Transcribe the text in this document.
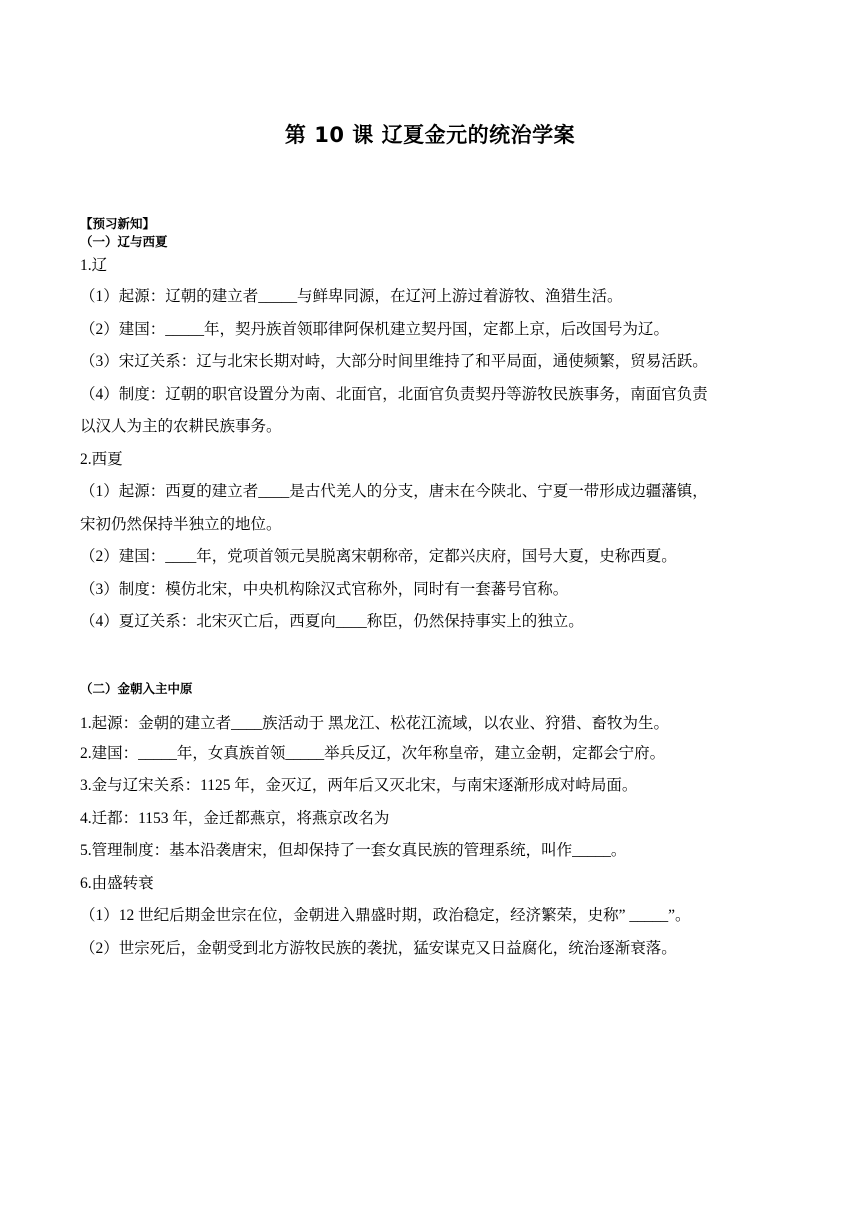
第 10 课 辽夏金元的统治学案
【预习新知】
（一）辽与西夏
1.辽
（1）起源：辽朝的建立者_____与鲜卑同源，在辽河上游过着游牧、渔猎生活。
（2）建国：_____年，契丹族首领耶律阿保机建立契丹国，定都上京，后改国号为辽。
（3）宋辽关系：辽与北宋长期对峙，大部分时间里维持了和平局面，通使频繁，贸易活跃。
（4）制度：辽朝的职官设置分为南、北面官，北面官负责契丹等游牧民族事务，南面官负责
以汉人为主的农耕民族事务。
2.西夏
（1）起源：西夏的建立者____是古代羌人的分支，唐末在今陕北、宁夏一带形成边疆藩镇，
宋初仍然保持半独立的地位。
（2）建国：____年，党项首领元昊脱离宋朝称帝，定都兴庆府，国号大夏，史称西夏。
（3）制度：模仿北宋，中央机构除汉式官称外，同时有一套蕃号官称。
（4）夏辽关系：北宋灭亡后，西夏向____称臣，仍然保持事实上的独立。
（二）金朝入主中原
1.起源：金朝的建立者____族活动于 黑龙江、松花江流域，以农业、狩猎、畜牧为生。
2.建国：_____年，女真族首领_____举兵反辽，次年称皇帝，建立金朝，定都会宁府。
3.金与辽宋关系：1125 年，金灭辽，两年后又灭北宋，与南宋逐渐形成对峙局面。
4.迁都：1153 年，金迁都燕京，将燕京改名为
5.管理制度：基本沿袭唐宋，但却保持了一套女真民族的管理系统，叫作_____。
6.由盛转衰
（1）12 世纪后期金世宗在位，金朝进入鼎盛时期，政治稳定，经济繁荣，史称” _____”。
（2）世宗死后，金朝受到北方游牧民族的袭扰，猛安谋克又日益腐化，统治逐渐衰落。
